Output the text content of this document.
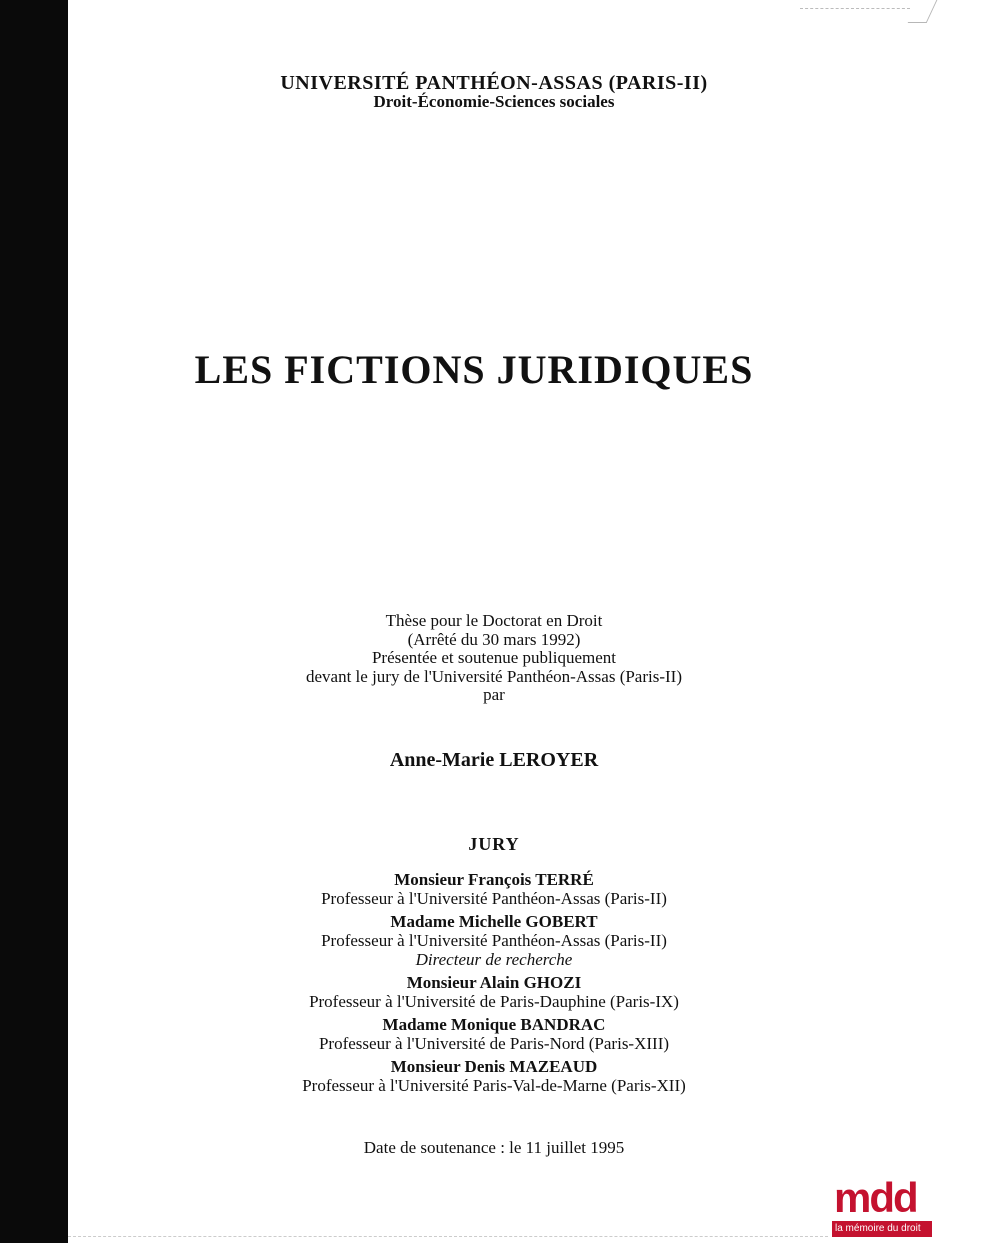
UNIVERSITÉ PANTHÉON-ASSAS (PARIS-II)
Droit-Économie-Sciences sociales
LES FICTIONS JURIDIQUES
Thèse pour le Doctorat en Droit
(Arrêté du 30 mars 1992)
Présentée et soutenue publiquement
devant le jury de l'Université Panthéon-Assas (Paris-II)
par
Anne-Marie LEROYER
JURY
Monsieur François TERRÉ
Professeur à l'Université Panthéon-Assas (Paris-II)
Madame Michelle GOBERT
Professeur à l'Université Panthéon-Assas (Paris-II)
Directeur de recherche
Monsieur Alain GHOZI
Professeur à l'Université de Paris-Dauphine (Paris-IX)
Madame Monique BANDRAC
Professeur à l'Université de Paris-Nord (Paris-XIII)
Monsieur Denis MAZEAUD
Professeur à l'Université Paris-Val-de-Marne (Paris-XII)
Date de soutenance : le 11 juillet 1995
mdd
la mémoire du droit
